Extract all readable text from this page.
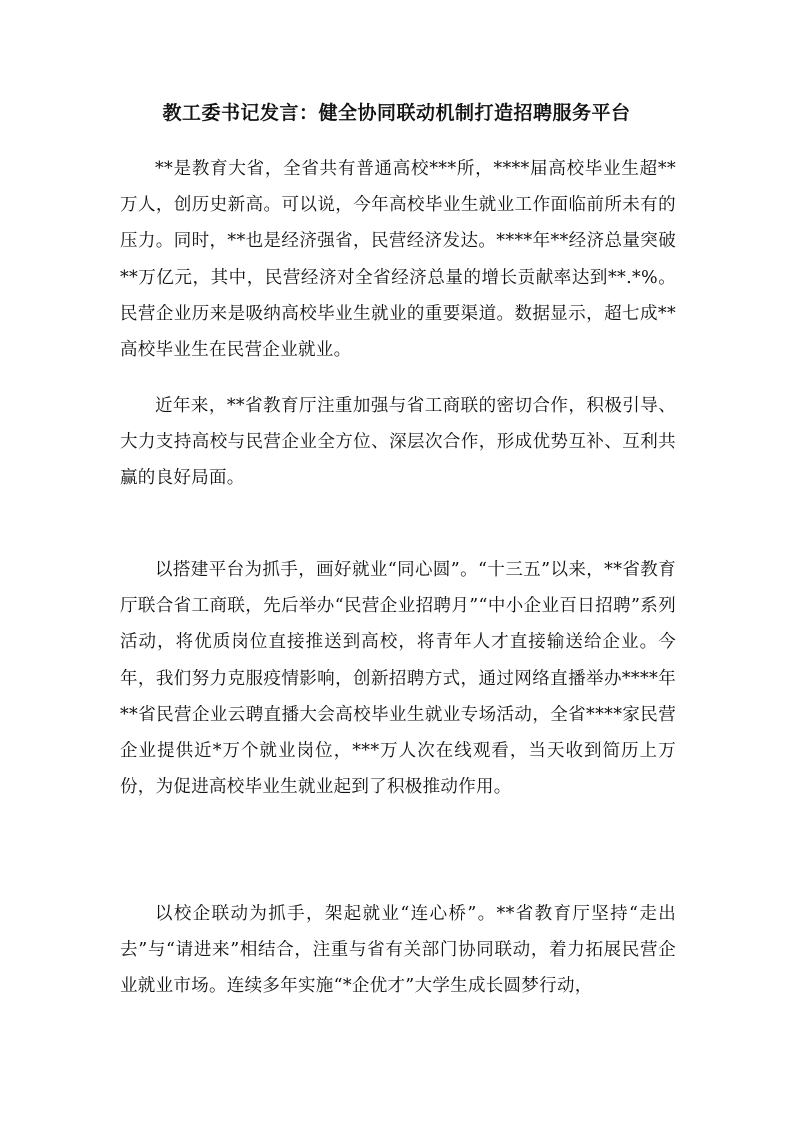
教工委书记发言：健全协同联动机制打造招聘服务平台

**是教育大省，全省共有普通高校***所，****届高校毕业生超**万人，创历史新高。可以说，今年高校毕业生就业工作面临前所未有的压力。同时，**也是经济强省，民营经济发达。****年**经济总量突破**万亿元，其中，民营经济对全省经济总量的增长贡献率达到**.*%。民营企业历来是吸纳高校毕业生就业的重要渠道。数据显示，超七成**高校毕业生在民营企业就业。

近年来，**省教育厅注重加强与省工商联的密切合作，积极引导、大力支持高校与民营企业全方位、深层次合作，形成优势互补、互利共赢的良好局面。

以搭建平台为抓手，画好就业“同心圆”。“十三五”以来，**省教育厅联合省工商联，先后举办“民营企业招聘月”“中小企业百日招聘”系列活动，将优质岗位直接推送到高校，将青年人才直接输送给企业。今年，我们努力克服疫情影响，创新招聘方式，通过网络直播举办****年**省民营企业云聘直播大会高校毕业生就业专场活动，全省****家民营企业提供近*万个就业岗位，***万人次在线观看，当天收到简历上万份，为促进高校毕业生就业起到了积极推动作用。

以校企联动为抓手，架起就业“连心桥”。**省教育厅坚持“走出去”与“请进来”相结合，注重与省有关部门协同联动，着力拓展民营企业就业市场。连续多年实施“*企优才”大学生成长圆梦行动，
